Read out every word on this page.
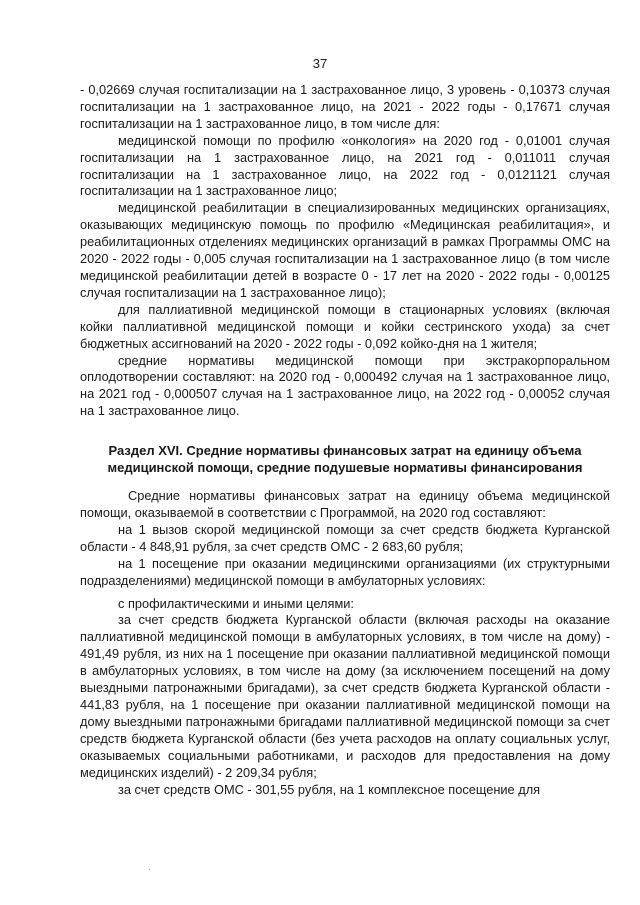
37

- 0,02669 случая госпитализации на 1 застрахованное лицо, 3 уровень - 0,10373 случая госпитализации на 1 застрахованное лицо, на 2021 - 2022 годы - 0,17671 случая госпитализации на 1 застрахованное лицо, в том числе для:

медицинской помощи по профилю «онкология» на 2020 год - 0,01001 случая госпитализации на 1 застрахованное лицо, на 2021 год - 0,011011 случая госпитализации на 1 застрахованное лицо, на 2022 год - 0,0121121 случая госпитализации на 1 застрахованное лицо;

медицинской реабилитации в специализированных медицинских организациях, оказывающих медицинскую помощь по профилю «Медицинская реабилитация», и реабилитационных отделениях медицинских организаций в рамках Программы ОМС на 2020 - 2022 годы - 0,005 случая госпитализации на 1 застрахованное лицо (в том числе медицинской реабилитации детей в возрасте 0 - 17 лет на 2020 - 2022 годы - 0,00125 случая госпитализации на 1 застрахованное лицо);

для паллиативной медицинской помощи в стационарных условиях (включая койки паллиативной медицинской помощи и койки сестринского ухода) за счет бюджетных ассигнований на 2020 - 2022 годы - 0,092 койко-дня на 1 жителя;

средние нормативы медицинской помощи при экстракорпоральном оплодотворении составляют: на 2020 год - 0,000492 случая на 1 застрахованное лицо, на 2021 год - 0,000507 случая на 1 застрахованное лицо, на 2022 год - 0,00052 случая на 1 застрахованное лицо.

Раздел XVI. Средние нормативы финансовых затрат на единицу объема медицинской помощи, средние подушевые нормативы финансирования

Средние нормативы финансовых затрат на единицу объема медицинской помощи, оказываемой в соответствии с Программой, на 2020 год составляют:

на 1 вызов скорой медицинской помощи за счет средств бюджета Курганской области - 4 848,91 рубля, за счет средств ОМС - 2 683,60 рубля;

на 1 посещение при оказании медицинскими организациями (их структурными подразделениями) медицинской помощи в амбулаторных условиях:

с профилактическими и иными целями:

за счет средств бюджета Курганской области (включая расходы на оказание паллиативной медицинской помощи в амбулаторных условиях, в том числе на дому) - 491,49 рубля, из них на 1 посещение при оказании паллиативной медицинской помощи в амбулаторных условиях, в том числе на дому (за исключением посещений на дому выездными патронажными бригадами), за счет средств бюджета Курганской области - 441,83 рубля, на 1 посещение при оказании паллиативной медицинской помощи на дому выездными патронажными бригадами паллиативной медицинской помощи за счет средств бюджета Курганской области (без учета расходов на оплату социальных услуг, оказываемых социальными работниками, и расходов для предоставления на дому медицинских изделий) - 2 209,34 рубля;

за счет средств ОМС - 301,55 рубля, на 1 комплексное посещение для

.
